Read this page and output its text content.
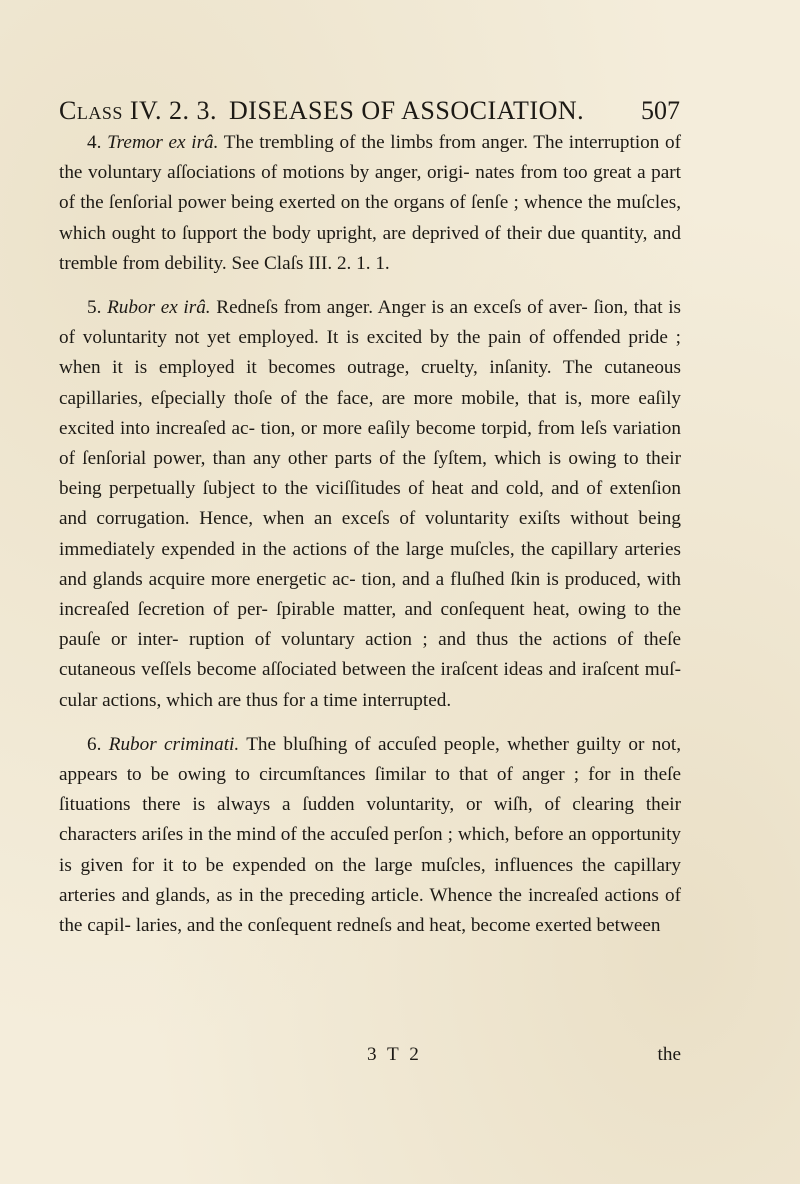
Class IV. 2. 3. DISEASES OF ASSOCIATION. 507

4. Tremor ex irâ. The trembling of the limbs from anger. The interruption of the voluntary aſſociations of motions by anger, origi- nates from too great a part of the ſenſorial power being exerted on the organs of ſenſe ; whence the muſcles, which ought to ſupport the body upright, are deprived of their due quantity, and tremble from debility. See Claſs III. 2. 1. 1.

5. Rubor ex irâ. Redneſs from anger. Anger is an exceſs of aver- ſion, that is of voluntarity not yet employed. It is excited by the pain of offended pride ; when it is employed it becomes outrage, cruelty, inſanity. The cutaneous capillaries, eſpecially thoſe of the face, are more mobile, that is, more eaſily excited into increaſed ac- tion, or more eaſily become torpid, from leſs variation of ſenſorial power, than any other parts of the ſyſtem, which is owing to their being perpetually ſubject to the viciſſitudes of heat and cold, and of extenſion and corrugation. Hence, when an exceſs of voluntarity exiſts without being immediately expended in the actions of the large muſcles, the capillary arteries and glands acquire more energetic ac- tion, and a fluſhed ſkin is produced, with increaſed ſecretion of per- ſpirable matter, and conſequent heat, owing to the pauſe or inter- ruption of voluntary action ; and thus the actions of theſe cutaneous veſſels become aſſociated between the iraſcent ideas and iraſcent muſ- cular actions, which are thus for a time interrupted.

6. Rubor criminati. The bluſhing of accuſed people, whether guilty or not, appears to be owing to circumſtances ſimilar to that of anger ; for in theſe ſituations there is always a ſudden voluntarity, or wiſh, of clearing their characters ariſes in the mind of the accuſed perſon ; which, before an opportunity is given for it to be expended on the large muſcles, influences the capillary arteries and glands, as in the preceding article. Whence the increaſed actions of the capil- laries, and the conſequent redneſs and heat, become exerted between

3 T 2	the
